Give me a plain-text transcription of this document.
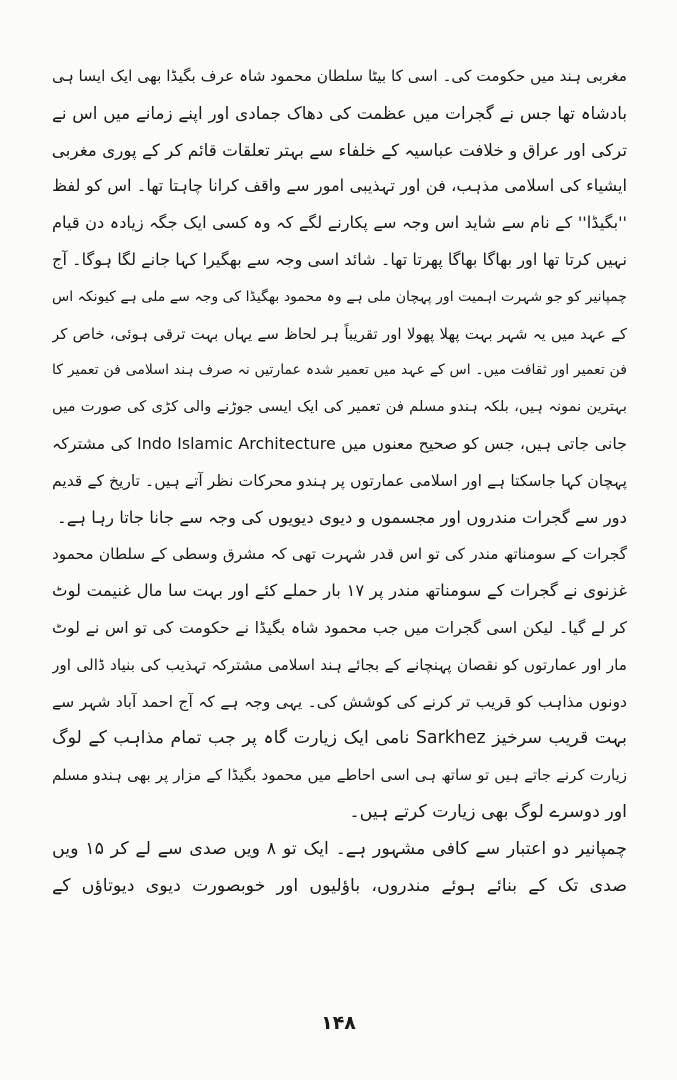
مغربی ہند میں حکومت کی۔ اسی کا بیٹا سلطان محمود شاہ عرف بگیڈا بھی ایک ایسا ہی
بادشاہ تھا جس نے گجرات میں عظمت کی دھاک جمادی اور اپنے زمانے میں اس نے
ترکی اور عراق و خلافت عباسیہ کے خلفاء سے بہتر تعلقات قائم کر کے پوری مغربی
ایشیاء کی اسلامی مذہب، فن اور تہذیبی امور سے واقف کرانا چاہتا تھا۔ اس کو لفظ
''بگیڈا'' کے نام سے شاید اس وجہ سے پکارنے لگے کہ وہ کسی ایک جگہ زیادہ دن قیام
نہیں کرتا تھا اور بھاگا بھاگا پھرتا تھا۔ شائد اسی وجہ سے بھگیرا کہا جانے لگا ہوگا۔ آج
چمپانیر کو جو شہرت اہمیت اور پہچان ملی ہے وہ محمود بھگیڈا کی وجہ سے ملی ہے کیونکہ اس
کے عہد میں یہ شہر بہت پھلا پھولا اور تقریباً ہر لحاظ سے یہاں بہت ترقی ہوئی، خاص کر
فن تعمیر اور ثقافت میں۔ اس کے عہد میں تعمیر شدہ عمارتیں نہ صرف ہند اسلامی فن تعمیر کا
بہترین نمونہ ہیں، بلکہ ہندو مسلم فن تعمیر کی ایک ایسی جوڑنے والی کڑی کی صورت میں
جانی جاتی ہیں، جس کو صحیح معنوں میں Indo Islamic Architecture کی مشترکہ
پہچان کہا جاسکتا ہے اور اسلامی عمارتوں پر ہندو محرکات نظر آتے ہیں۔ تاریخ کے قدیم
دور سے گجرات مندروں اور مجسموں و دیوی دیویوں کی وجہ سے جانا جاتا رہا ہے۔
گجرات کے سومناتھ مندر کی تو اس قدر شہرت تھی کہ مشرق وسطی کے سلطان محمود
غزنوی نے گجرات کے سومناتھ مندر پر ۱۷ بار حملے کئے اور بہت سا مال غنیمت لوٹ
کر لے گیا۔ لیکن اسی گجرات میں جب محمود شاہ بگیڈا نے حکومت کی تو اس نے لوٹ
مار اور عمارتوں کو نقصان پہنچانے کے بجائے ہند اسلامی مشترکہ تہذیب کی بنیاد ڈالی اور
دونوں مذاہب کو قریب تر کرنے کی کوشش کی۔ یہی وجہ ہے کہ آج احمد آباد شہر سے
بہت قریب سرخیز Sarkhez نامی ایک زیارت گاہ پر جب تمام مذاہب کے لوگ
زیارت کرنے جاتے ہیں تو ساتھ ہی اسی احاطے میں محمود بگیڈا کے مزار پر بھی ہندو مسلم
اور دوسرے لوگ بھی زیارت کرتے ہیں۔
چمپانیر دو اعتبار سے کافی مشہور ہے۔ ایک تو ۸ ویں صدی سے لے کر ۱۵ ویں
صدی تک کے بنائے ہوئے مندروں، باؤلیوں اور خوبصورت دیوی دیوتاؤں کے
۱۴۸
